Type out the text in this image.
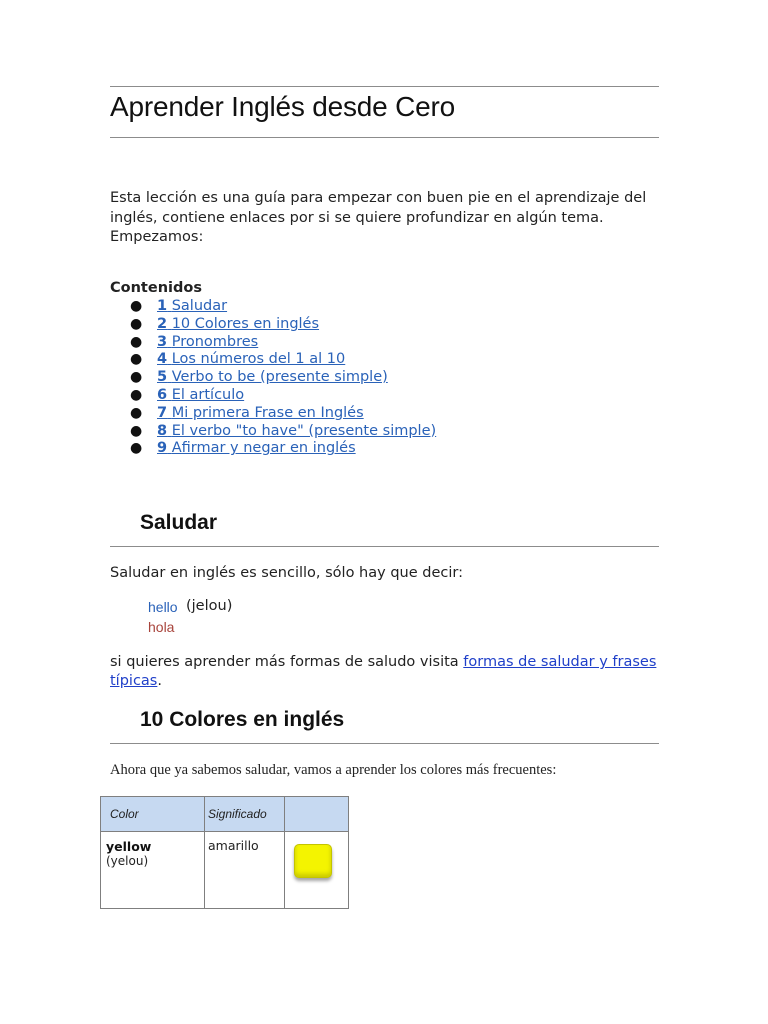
Aprender Inglés desde Cero

Esta lección es una guía para empezar con buen pie en el aprendizaje del inglés, contiene enlaces por si se quiere profundizar en algún tema. Empezamos:

Contenidos

● 1 Saludar
● 2 10 Colores en inglés
● 3 Pronombres
● 4 Los números del 1 al 10
● 5 Verbo to be (presente simple)
● 6 El artículo
● 7 Mi primera Frase en Inglés
● 8 El verbo "to have" (presente simple)
● 9 Afirmar y negar en inglés
Saludar

Saludar en inglés es sencillo, sólo hay que decir:

hello (jelou)
hola

si quieres aprender más formas de saludo visita formas de saludar y frases típicas.

10 Colores en inglés

Ahora que ya sabemos saludar, vamos a aprender los colores más frecuentes:

Color	Significado	

yellow
(yelou)	amarillo	
